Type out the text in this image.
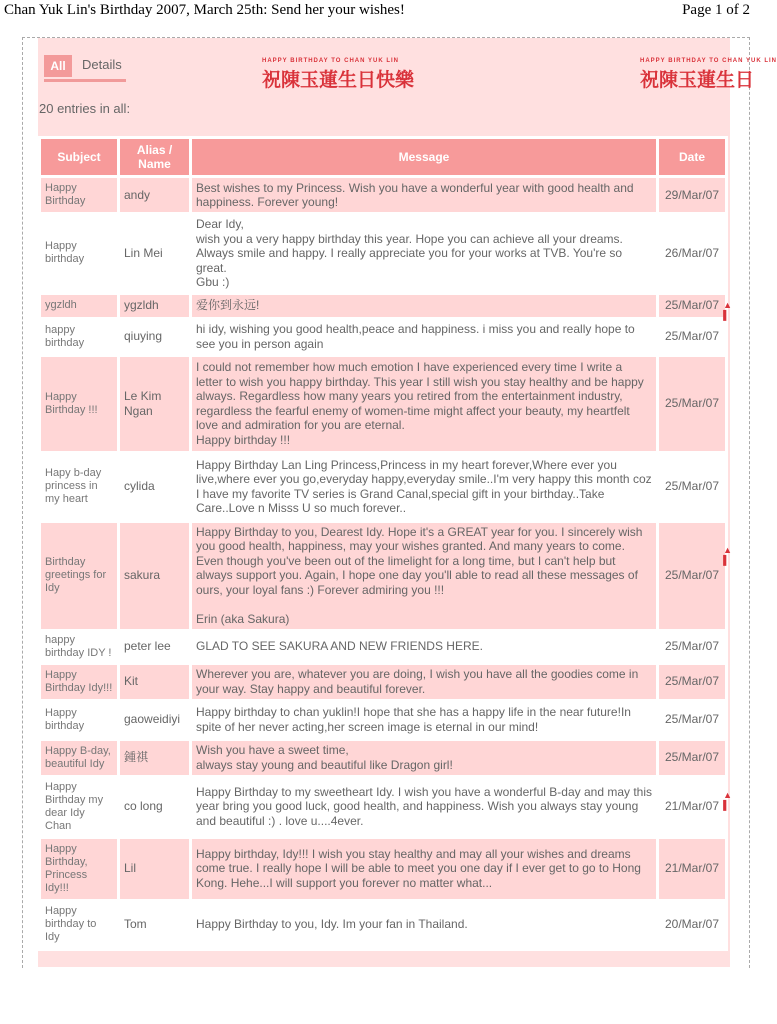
Chan Yuk Lin's Birthday 2007, March 25th: Send her your wishes!	Page 1 of 2
All	Details	HAPPY BIRTHDAY TO CHAN YUK LIN
祝陳玉蓮生日快樂
HAPPY BIRTHDAY TO CHAN YUK LIN
祝陳玉蓮生日
20 entries in all:
Subject	Alias / Name	Message	Date
Happy Birthday	andy	Best wishes to my Princess. Wish you have a wonderful year with good health and happiness. Forever young!	29/Mar/07
Happy birthday	Lin Mei	Dear Idy,
wish you a very happy birthday this year. Hope you can achieve all your dreams. Always smile and happy. I really appreciate you for your works at TVB. You're so great.
Gbu :)	26/Mar/07
ygzldh	ygzldh	爱你到永远!	25/Mar/07
happy birthday	qiuying	hi idy, wishing you good health,peace and happiness. i miss you and really hope to see you in person again	25/Mar/07
Happy Birthday !!!	Le Kim Ngan	I could not remember how much emotion I have experienced every time I write a letter to wish you happy birthday. This year I still wish you stay healthy and be happy always. Regardless how many years you retired from the entertainment industry, regardless the fearful enemy of women-time might affect your beauty, my heartfelt love and admiration for you are eternal.
Happy birthday !!!	25/Mar/07
Hapy b-day princess in my heart	cylida	Happy Birthday Lan Ling Princess,Princess in my heart forever,Where ever you live,where ever you go,everyday happy,everyday smile..I'm very happy this month coz I have my favorite TV series is Grand Canal,special gift in your birthday..Take Care..Love n Misss U so much forever..	25/Mar/07
Birthday greetings for Idy	sakura	Happy Birthday to you, Dearest Idy. Hope it's a GREAT year for you. I sincerely wish you good health, happiness, may your wishes granted. And many years to come. Even though you've been out of the limelight for a long time, but I can't help but always support you. Again, I hope one day you'll able to read all these messages of ours, your loyal fans :) Forever admiring you !!!

Erin (aka Sakura)	25/Mar/07
happy birthday IDY !	peter lee	GLAD TO SEE SAKURA AND NEW FRIENDS HERE.	25/Mar/07
Happy Birthday Idy!!!	Kit	Wherever you are, whatever you are doing, I wish you have all the goodies come in your way. Stay happy and beautiful forever.	25/Mar/07
Happy birthday	gaoweidiyi	Happy birthday to chan yuklin!I hope that she has a happy life in the near future!In spite of her never acting,her screen image is eternal in our mind!	25/Mar/07
Happy B-day, beautiful Idy	鍾祺	Wish you have a sweet time,
always stay young and beautiful like Dragon girl!	25/Mar/07
Happy Birthday my dear Idy Chan	co long	Happy Birthday to my sweetheart Idy. I wish you have a wonderful B-day and may this year bring you good luck, good health, and happiness. Wish you always stay young and beautiful :) . love u....4ever.	21/Mar/07
Happy Birthday, Princess Idy!!!	Lil	Happy birthday, Idy!!! I wish you stay healthy and may all your wishes and dreams come true. I really hope I will be able to meet you one day if I ever get to go to Hong Kong. Hehe...I will support you forever no matter what...	21/Mar/07
Happy birthday to Idy	Tom	Happy Birthday to you, Idy. Im your fan in Thailand.	20/Mar/07
▲
▌
▲
▌
▲
▌
